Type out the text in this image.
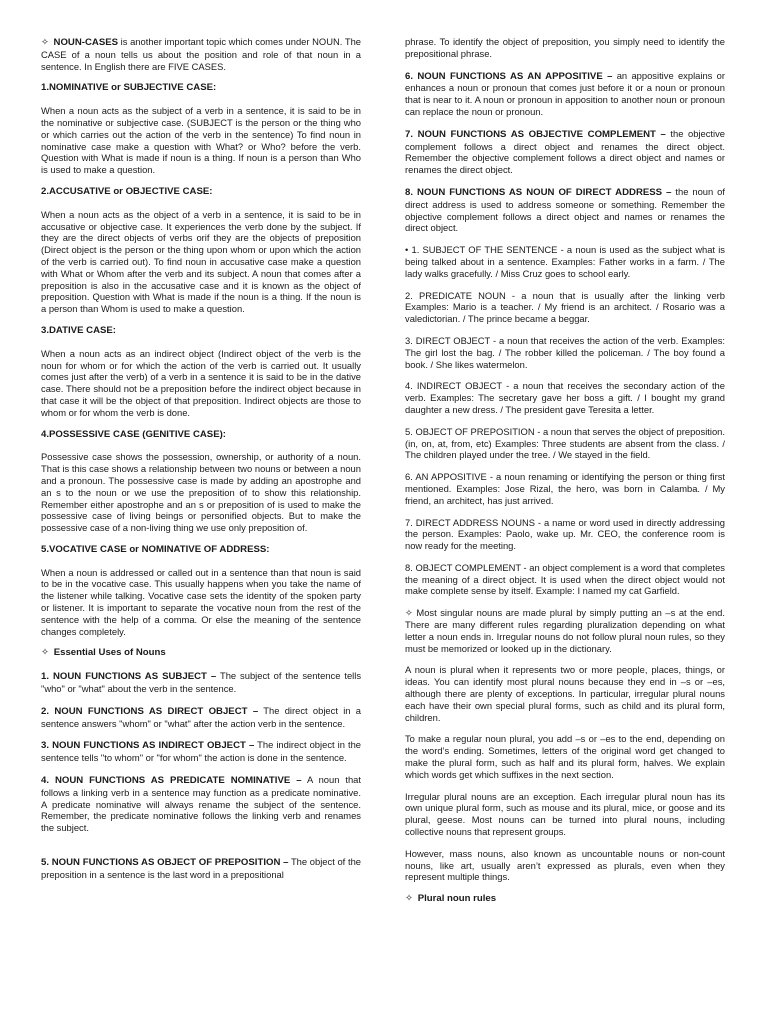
✧ NOUN-CASES is another important topic which comes under NOUN. The CASE of a noun tells us about the position and role of that noun in a sentence. In English there are FIVE CASES.

1.NOMINATIVE or SUBJECTIVE CASE:

When a noun acts as the subject of a verb in a sentence, it is said to be in the nominative or subjective case. (SUBJECT is the person or the thing who or which carries out the action of the verb in the sentence) To find noun in nominative case make a question with What? or Who? before the verb. Question with What is made if noun is a thing. If noun is a person than Who is used to make a question.

2.ACCUSATIVE or OBJECTIVE CASE:

When a noun acts as the object of a verb in a sentence, it is said to be in accusative or objective case. It experiences the verb done by the subject. If they are the direct objects of verbs orif they are the objects of preposition (Direct object is the person or the thing upon whom or upon which the action of the verb is carried out). To find noun in accusative case make a question with What or Whom after the verb and its subject. A noun that comes after a preposition is also in the accusative case and it is known as the object of preposition. Question with What is made if the noun is a thing. If the noun is a person than Whom is used to make a question.

3.DATIVE CASE:

When a noun acts as an indirect object (Indirect object of the verb is the noun for whom or for which the action of the verb is carried out. It usually comes just after the verb) of a verb in a sentence it is said to be in the dative case. There should not be a preposition before the indirect object because in that case it will be the object of that preposition. Indirect objects are those to whom or for whom the verb is done.

4.POSSESSIVE CASE (GENITIVE CASE):

Possessive case shows the possession, ownership, or authority of a noun. That is this case shows a relationship between two nouns or between a noun and a pronoun. The possessive case is made by adding an apostrophe and an s to the noun or we use the preposition of to show this relationship. Remember either apostrophe and an s or preposition of is used to make the possessive case of living beings or personified objects. But to make the possessive case of a non-living thing we use only preposition of.

5.VOCATIVE CASE or NOMINATIVE OF ADDRESS:

When a noun is addressed or called out in a sentence than that noun is said to be in the vocative case. This usually happens when you take the name of the listener while talking. Vocative case sets the identity of the spoken party or listener. It is important to separate the vocative noun from the rest of the sentence with the help of a comma. Or else the meaning of the sentence changes completely.

✧ Essential Uses of Nouns

1. NOUN FUNCTIONS AS SUBJECT – The subject of the sentence tells "who" or "what" about the verb in the sentence.

2. NOUN FUNCTIONS AS DIRECT OBJECT – The direct object in a sentence answers "whom" or "what" after the action verb in the sentence.

3. NOUN FUNCTIONS AS INDIRECT OBJECT – The indirect object in the sentence tells "to whom" or "for whom" the action is done in the sentence.

4. NOUN FUNCTIONS AS PREDICATE NOMINATIVE – A noun that follows a linking verb in a sentence may function as a predicate nominative. A predicate nominative will always rename the subject of the sentence. Remember, the predicate nominative follows the linking verb and renames the subject.

5. NOUN FUNCTIONS AS OBJECT OF PREPOSITION – The object of the preposition in a sentence is the last word in a prepositional

phrase. To identify the object of preposition, you simply need to identify the prepositional phrase.

6. NOUN FUNCTIONS AS AN APPOSITIVE – an appositive explains or enhances a noun or pronoun that comes just before it or a noun or pronoun that is near to it. A noun or pronoun in apposition to another noun or pronoun can replace the noun or pronoun.

7. NOUN FUNCTIONS AS OBJECTIVE COMPLEMENT – the objective complement follows a direct object and renames the direct object. Remember the objective complement follows a direct object and names or renames the direct object.

8. NOUN FUNCTIONS AS NOUN OF DIRECT ADDRESS – the noun of direct address is used to address someone or something. Remember the objective complement follows a direct object and names or renames the direct object.

• 1. SUBJECT OF THE SENTENCE - a noun is used as the subject what is being talked about in a sentence. Examples: Father works in a farm. / The lady walks gracefully. / Miss Cruz goes to school early.

2. PREDICATE NOUN - a noun that is usually after the linking verb Examples: Mario is a teacher. / My friend is an architect. / Rosario was a valedictorian. / The prince became a beggar.

3. DIRECT OBJECT - a noun that receives the action of the verb. Examples: The girl lost the bag. / The robber killed the policeman. / The boy found a book. / She likes watermelon.

4. INDIRECT OBJECT - a noun that receives the secondary action of the verb. Examples: The secretary gave her boss a gift. / I bought my grand daughter a new dress. / The president gave Teresita a letter.

5. OBJECT OF PREPOSITION - a noun that serves the object of preposition.(in, on, at, from, etc) Examples: Three students are absent from the class. / The children played under the tree. / We stayed in the field.

6. AN APPOSITIVE - a noun renaming or identifying the person or thing first mentioned. Examples: Jose Rizal, the hero, was born in Calamba. / My friend, an architect, has just arrived.

7. DIRECT ADDRESS NOUNS - a name or word used in directly addressing the person. Examples: Paolo, wake up. Mr. CEO, the conference room is now ready for the meeting.

8. OBJECT COMPLEMENT - an object complement is a word that completes the meaning of a direct object. It is used when the direct object would not make complete sense by itself. Example: I named my cat Garfield.

✧ Most singular nouns are made plural by simply putting an –s at the end. There are many different rules regarding pluralization depending on what letter a noun ends in. Irregular nouns do not follow plural noun rules, so they must be memorized or looked up in the dictionary.

A noun is plural when it represents two or more people, places, things, or ideas. You can identify most plural nouns because they end in –s or –es, although there are plenty of exceptions. In particular, irregular plural nouns each have their own special plural forms, such as child and its plural form, children.

To make a regular noun plural, you add –s or –es to the end, depending on the word’s ending. Sometimes, letters of the original word get changed to make the plural form, such as half and its plural form, halves. We explain which words get which suffixes in the next section.

Irregular plural nouns are an exception. Each irregular plural noun has its own unique plural form, such as mouse and its plural, mice, or goose and its plural, geese. Most nouns can be turned into plural nouns, including collective nouns that represent groups.

However, mass nouns, also known as uncountable nouns or non-count nouns, like art, usually aren’t expressed as plurals, even when they represent multiple things.

✧ Plural noun rules
